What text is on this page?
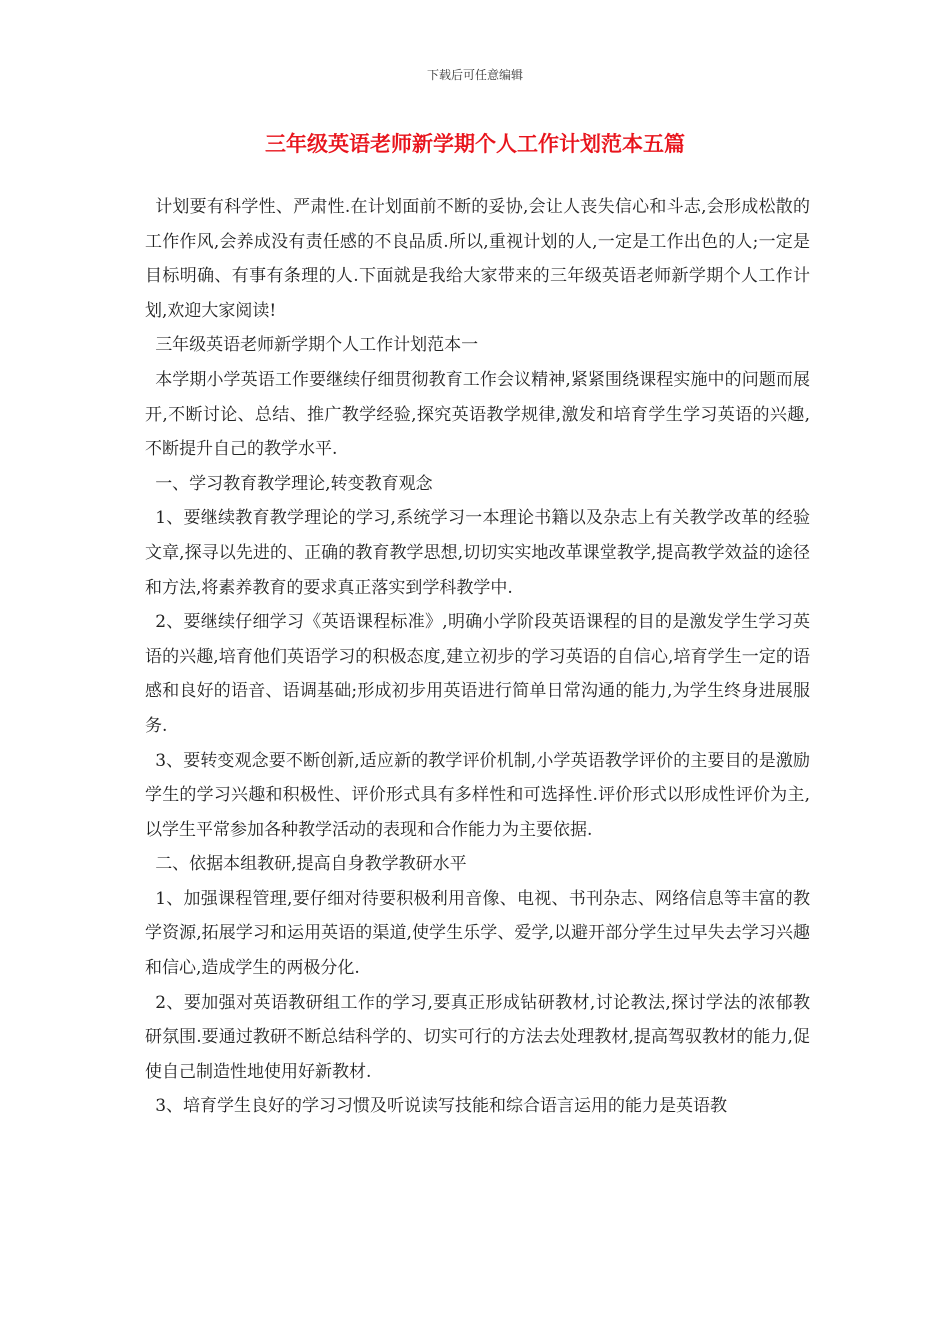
下载后可任意编辑
三年级英语老师新学期个人工作计划范本五篇

计划要有科学性、严肃性.在计划面前不断的妥协,会让人丧失信心和斗志,会形成松散的工作作风,会养成没有责任感的不良品质.所以,重视计划的人,一定是工作出色的人;一定是目标明确、有事有条理的人.下面就是我给大家带来的三年级英语老师新学期个人工作计划,欢迎大家阅读!

三年级英语老师新学期个人工作计划范本一

本学期小学英语工作要继续仔细贯彻教育工作会议精神,紧紧围绕课程实施中的问题而展开,不断讨论、总结、推广教学经验,探究英语教学规律,激发和培育学生学习英语的兴趣,不断提升自己的教学水平.

一、学习教育教学理论,转变教育观念

1、要继续教育教学理论的学习,系统学习一本理论书籍以及杂志上有关教学改革的经验文章,探寻以先进的、正确的教育教学思想,切切实实地改革课堂教学,提高教学效益的途径和方法,将素养教育的要求真正落实到学科教学中.

2、要继续仔细学习《英语课程标准》,明确小学阶段英语课程的目的是激发学生学习英语的兴趣,培育他们英语学习的积极态度,建立初步的学习英语的自信心,培育学生一定的语感和良好的语音、语调基础;形成初步用英语进行简单日常沟通的能力,为学生终身进展服务.

3、要转变观念要不断创新,适应新的教学评价机制,小学英语教学评价的主要目的是激励学生的学习兴趣和积极性、评价形式具有多样性和可选择性.评价形式以形成性评价为主,以学生平常参加各种教学活动的表现和合作能力为主要依据.

二、依据本组教研,提高自身教学教研水平

1、加强课程管理,要仔细对待要积极利用音像、电视、书刊杂志、网络信息等丰富的教学资源,拓展学习和运用英语的渠道,使学生乐学、爱学,以避开部分学生过早失去学习兴趣和信心,造成学生的两极分化.

2、要加强对英语教研组工作的学习,要真正形成钻研教材,讨论教法,探讨学法的浓郁教研氛围.要通过教研不断总结科学的、切实可行的方法去处理教材,提高驾驭教材的能力,促使自己制造性地使用好新教材.

3、培育学生良好的学习习惯及听说读写技能和综合语言运用的能力是英语教
